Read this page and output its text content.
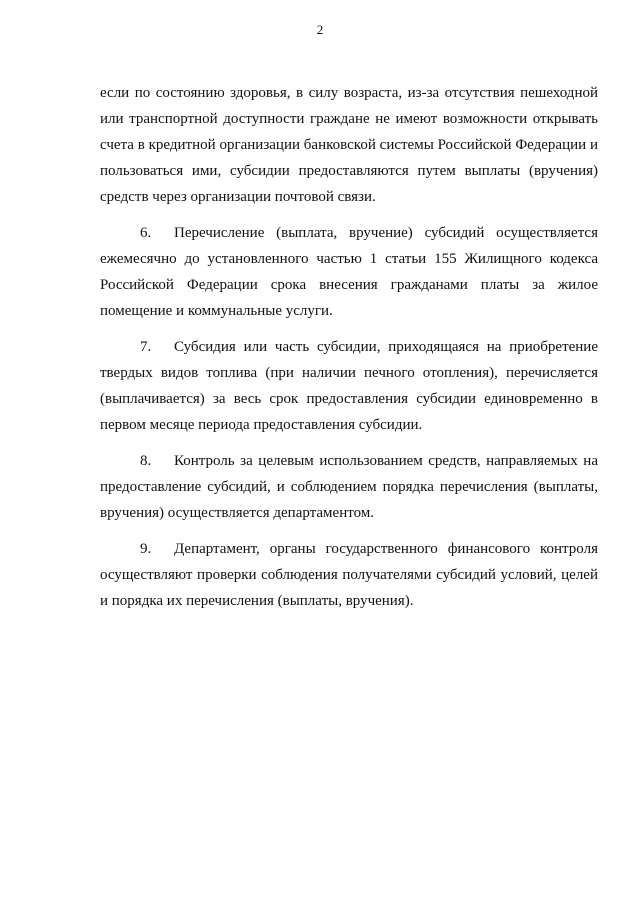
2

если по состоянию здоровья, в силу возраста, из-за отсутствия пешеходной или транспортной доступности граждане не имеют возможности открывать счета в кредитной организации банковской системы Российской Федерации и пользоваться ими, субсидии предоставляются путем выплаты (вручения) средств через организации почтовой связи.

6. Перечисление (выплата, вручение) субсидий осуществляется ежемесячно до установленного частью 1 статьи 155 Жилищного кодекса Российской Федерации срока внесения гражданами платы за жилое помещение и коммунальные услуги.

7. Субсидия или часть субсидии, приходящаяся на приобретение твердых видов топлива (при наличии печного отопления), перечисляется (выплачивается) за весь срок предоставления субсидии единовременно в первом месяце периода предоставления субсидии.

8. Контроль за целевым использованием средств, направляемых на предоставление субсидий, и соблюдением порядка перечисления (выплаты, вручения) осуществляется департаментом.

9. Департамент, органы государственного финансового контроля осуществляют проверки соблюдения получателями субсидий условий, целей и порядка их перечисления (выплаты, вручения).
